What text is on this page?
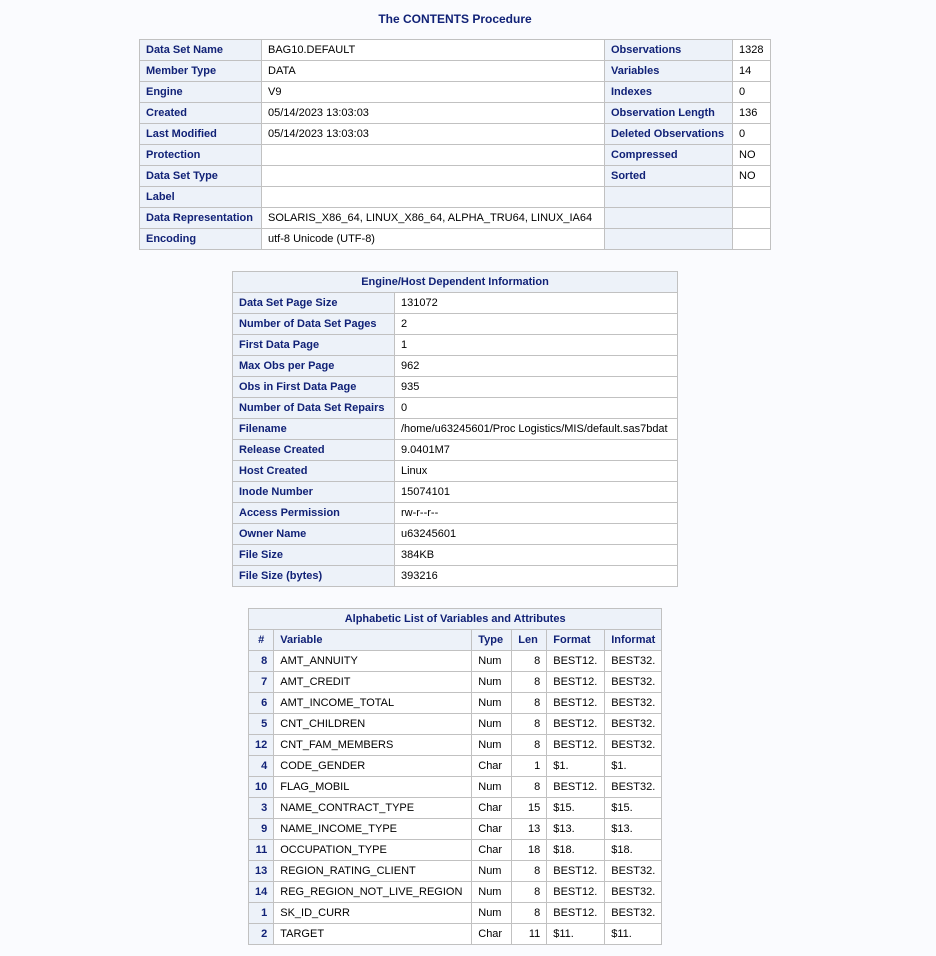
The CONTENTS Procedure
Data Set Name	BAG10.DEFAULT	Observations	1328
Member Type	DATA	Variables	14
Engine	V9	Indexes	0
Created	05/14/2023 13:03:03	Observation Length	136
Last Modified	05/14/2023 13:03:03	Deleted Observations	0
Protection		Compressed	NO
Data Set Type		Sorted	NO
Label			
Data Representation	SOLARIS_X86_64, LINUX_X86_64, ALPHA_TRU64, LINUX_IA64		
Encoding	utf-8 Unicode (UTF-8)		
Engine/Host Dependent Information	
Data Set Page Size	131072
Number of Data Set Pages	2
First Data Page	1
Max Obs per Page	962
Obs in First Data Page	935
Number of Data Set Repairs	0
Filename	/home/u63245601/Proc Logistics/MIS/default.sas7bdat
Release Created	9.0401M7
Host Created	Linux
Inode Number	15074101
Access Permission	rw-r--r--
Owner Name	u63245601
File Size	384KB
File Size (bytes)	393216
Alphabetic List of Variables and Attributes					
#	Variable	Type	Len	Format	Informat
8	AMT_ANNUITY	Num	8	BEST12.	BEST32.
7	AMT_CREDIT	Num	8	BEST12.	BEST32.
6	AMT_INCOME_TOTAL	Num	8	BEST12.	BEST32.
5	CNT_CHILDREN	Num	8	BEST12.	BEST32.
12	CNT_FAM_MEMBERS	Num	8	BEST12.	BEST32.
4	CODE_GENDER	Char	1	$1.	$1.
10	FLAG_MOBIL	Num	8	BEST12.	BEST32.
3	NAME_CONTRACT_TYPE	Char	15	$15.	$15.
9	NAME_INCOME_TYPE	Char	13	$13.	$13.
11	OCCUPATION_TYPE	Char	18	$18.	$18.
13	REGION_RATING_CLIENT	Num	8	BEST12.	BEST32.
14	REG_REGION_NOT_LIVE_REGION	Num	8	BEST12.	BEST32.
1	SK_ID_CURR	Num	8	BEST12.	BEST32.
2	TARGET	Char	11	$11.	$11.
